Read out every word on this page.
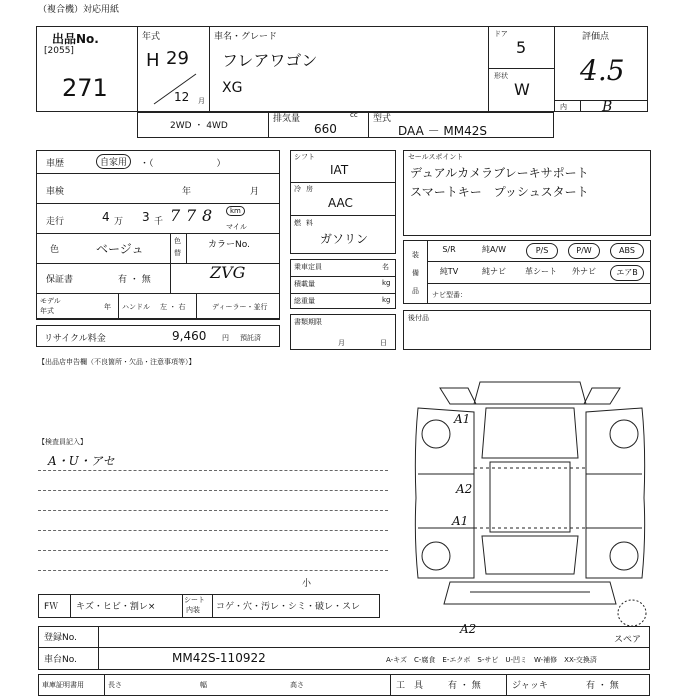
（複合機）対応用紙
出品No.
[2055]
271
年式
H 29
12 月
車名・グレード
フレアワゴン
XG
ドア
5
形状
W
評価点
4.5
内	B
2WD ・ 4WD
排気量	cc
660
型式
DAA － MM42S
車歴	自家用	・（　　　　　　　）
車検	年	月
走行	4 万 3 千 7 7 8	km
マイル
色	ベージュ
色
替
カラーNo.
ZVG
保証書	有 ・ 無
モデル
年式	年 ハンドル 左 ・ 右	ディーラー・並行
リサイクル料金	9,460 円 預託済
シフト
IAT
冷 房
AAC
燃 料
ガソリン
乗車定員	名
積載量	kg
総重量	kg
書類期限
月	日
セールスポイント
デュアルカメラブレーキサポート
スマートキー　プッシュスタート
装
備
品
S/R	純A/W	P/S	P/W	ABS
純TV	純ナビ	革シート	外ナビ	エアB
ナビ型番：
後付品
【出品店申告欄（不良箇所・欠品・注意事項等）】
【検査員記入】
A・U・アセ
A1
A2
A1
A2
小
スペア
FＷ キズ・ヒビ・割レ×
シート
内装 コゲ・穴・汚レ・シミ・破レ・スレ
登録No.
車台No.	MM42S-110922	A-キズ　C-腐食　E-エクボ　S-サビ　U-凹ミ　W-補修　XX-交換済
車庫証明書用	長さ	幅	高さ	工　具	有 ・ 無	ジャッキ	有 ・ 無
